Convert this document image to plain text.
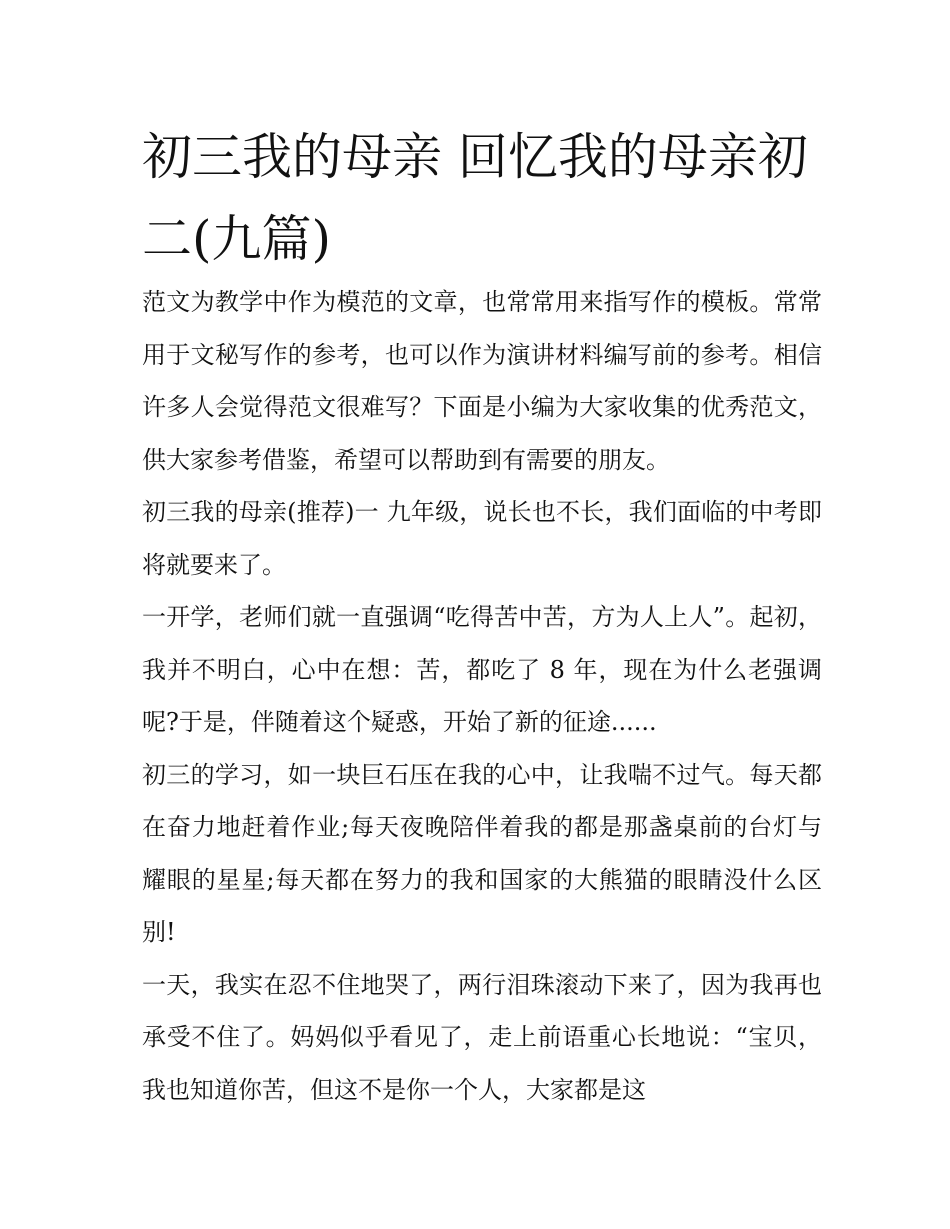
初三我的母亲 回忆我的母亲初二(九篇)

范文为教学中作为模范的文章，也常常用来指写作的模板。常常用于文秘写作的参考，也可以作为演讲材料编写前的参考。相信许多人会觉得范文很难写？下面是小编为大家收集的优秀范文，供大家参考借鉴，希望可以帮助到有需要的朋友。

初三我的母亲(推荐)一 九年级，说长也不长，我们面临的中考即将就要来了。

一开学，老师们就一直强调“吃得苦中苦，方为人上人”。起初，我并不明白，心中在想：苦，都吃了 8 年，现在为什么老强调呢?于是，伴随着这个疑惑，开始了新的征途......

初三的学习，如一块巨石压在我的心中，让我喘不过气。每天都在奋力地赶着作业;每天夜晚陪伴着我的都是那盏桌前的台灯与耀眼的星星;每天都在努力的我和国家的大熊猫的眼睛没什么区别!

一天，我实在忍不住地哭了，两行泪珠滚动下来了，因为我再也承受不住了。妈妈似乎看见了，走上前语重心长地说：“宝贝，我也知道你苦，但这不是你一个人，大家都是这
